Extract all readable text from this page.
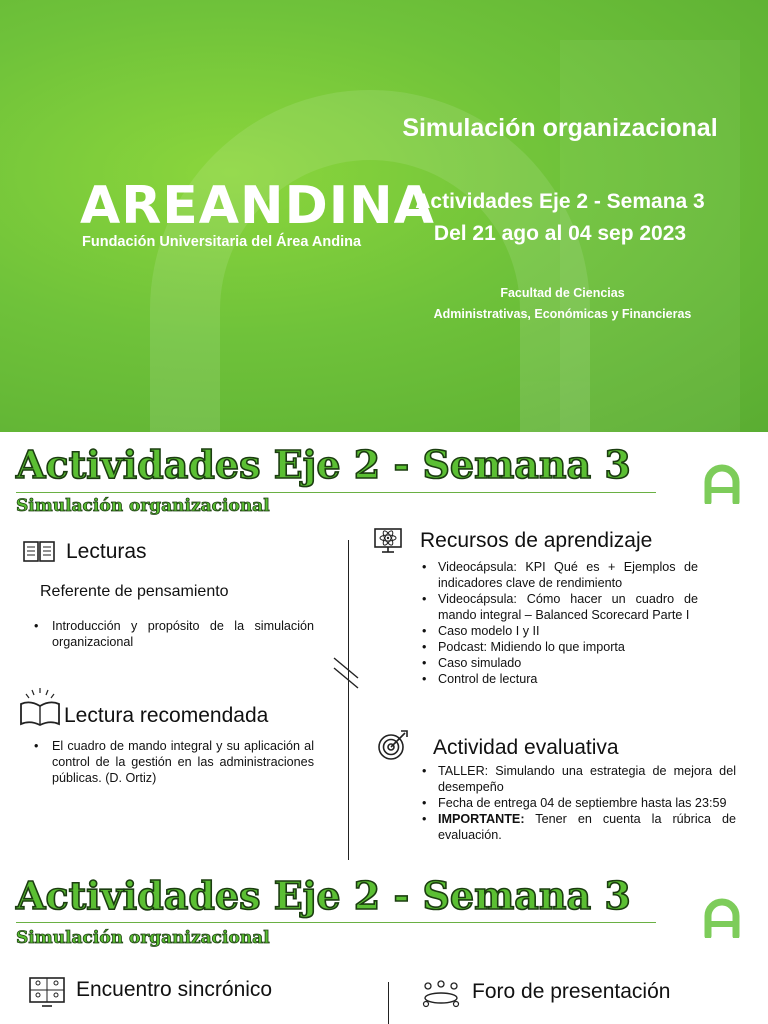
AREANDINA
Fundación Universitaria del Área Andina
Simulación organizacional
Actividades Eje 2 - Semana 3
Del 21 ago al 04 sep 2023
Facultad de Ciencias
Administrativas, Económicas y Financieras
Actividades Eje 2 - Semana 3
Simulación organizacional
Lecturas
Referente de pensamiento
• Introducción y propósito de la simulación organizacional
Lectura recomendada
• El cuadro de mando integral y su aplicación al control de la gestión en las administraciones públicas. (D. Ortiz)
Recursos de aprendizaje
• Videocápsula: KPI Qué es + Ejemplos de indicadores clave de rendimiento
• Videocápsula: Cómo hacer un cuadro de mando integral – Balanced Scorecard Parte I
• Caso modelo I y II
• Podcast: Midiendo lo que importa
• Caso simulado
• Control de lectura
Actividad evaluativa
• TALLER: Simulando una estrategia de mejora del desempeño
• Fecha de entrega 04 de septiembre hasta las 23:59
• IMPORTANTE: Tener en cuenta la rúbrica de evaluación.
Actividades Eje 2 - Semana 3
Simulación organizacional
Encuentro sincrónico	Foro de presentación
